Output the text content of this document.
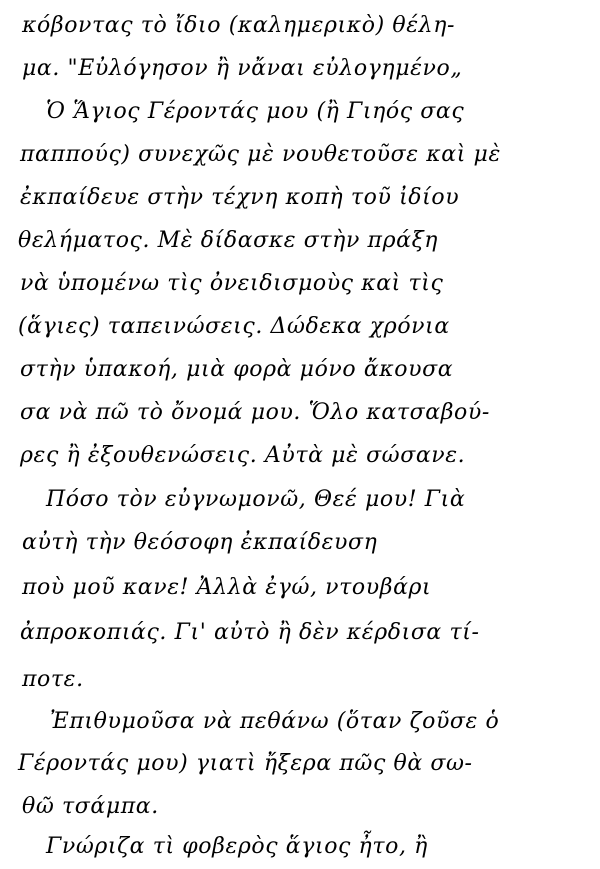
κόβοντας τὸ ἴδιο (καλημερικὸ) θέλη-
μα. "Εὐλόγησον ἢ νἄναι εὐλογημένο„
Ὁ Ἅγιος Γέροντάς μου (ἢ Γιηός σας
παππούς) συνεχῶς μὲ νουθετοῦσε καὶ μὲ
ἐκπαίδευε στὴν τέχνη κοπὴ τοῦ ἰδίου
θελήματος. Μὲ δίδασκε στὴν πράξη
νὰ ὑπομένω τὶς ὀνειδισμοὺς καὶ τὶς
(ἅγιες) ταπεινώσεις. Δώδεκα χρόνια
στὴν ὑπακοή, μιὰ φορὰ μόνο ἄκουσα
σα νὰ πῶ τὸ ὄνομά μου. Ὅλο κατσαβού-
ρες ἢ ἐξουθενώσεις. Αὐτὰ μὲ σώσανε.
Πόσο τὸν εὐγνωμονῶ, Θεέ μου! Γιὰ
αὐτὴ τὴν θεόσοφη ἐκπαίδευση
ποὺ μοῦ κανε! Ἀλλὰ ἐγώ, ντουβάρι
ἀπροκοπιάς. Γι' αὐτὸ ἢ δὲν κέρδισα τί-
ποτε.
Ἐπιθυμοῦσα νὰ πεθάνω (ὅταν ζοῦσε ὁ
Γέροντάς μου) γιατὶ ἤξερα πῶς θὰ σω-
θῶ τσάμπα.
Γνώριζα τὶ φοβερὸς ἅγιος ἦτο, ἢ
